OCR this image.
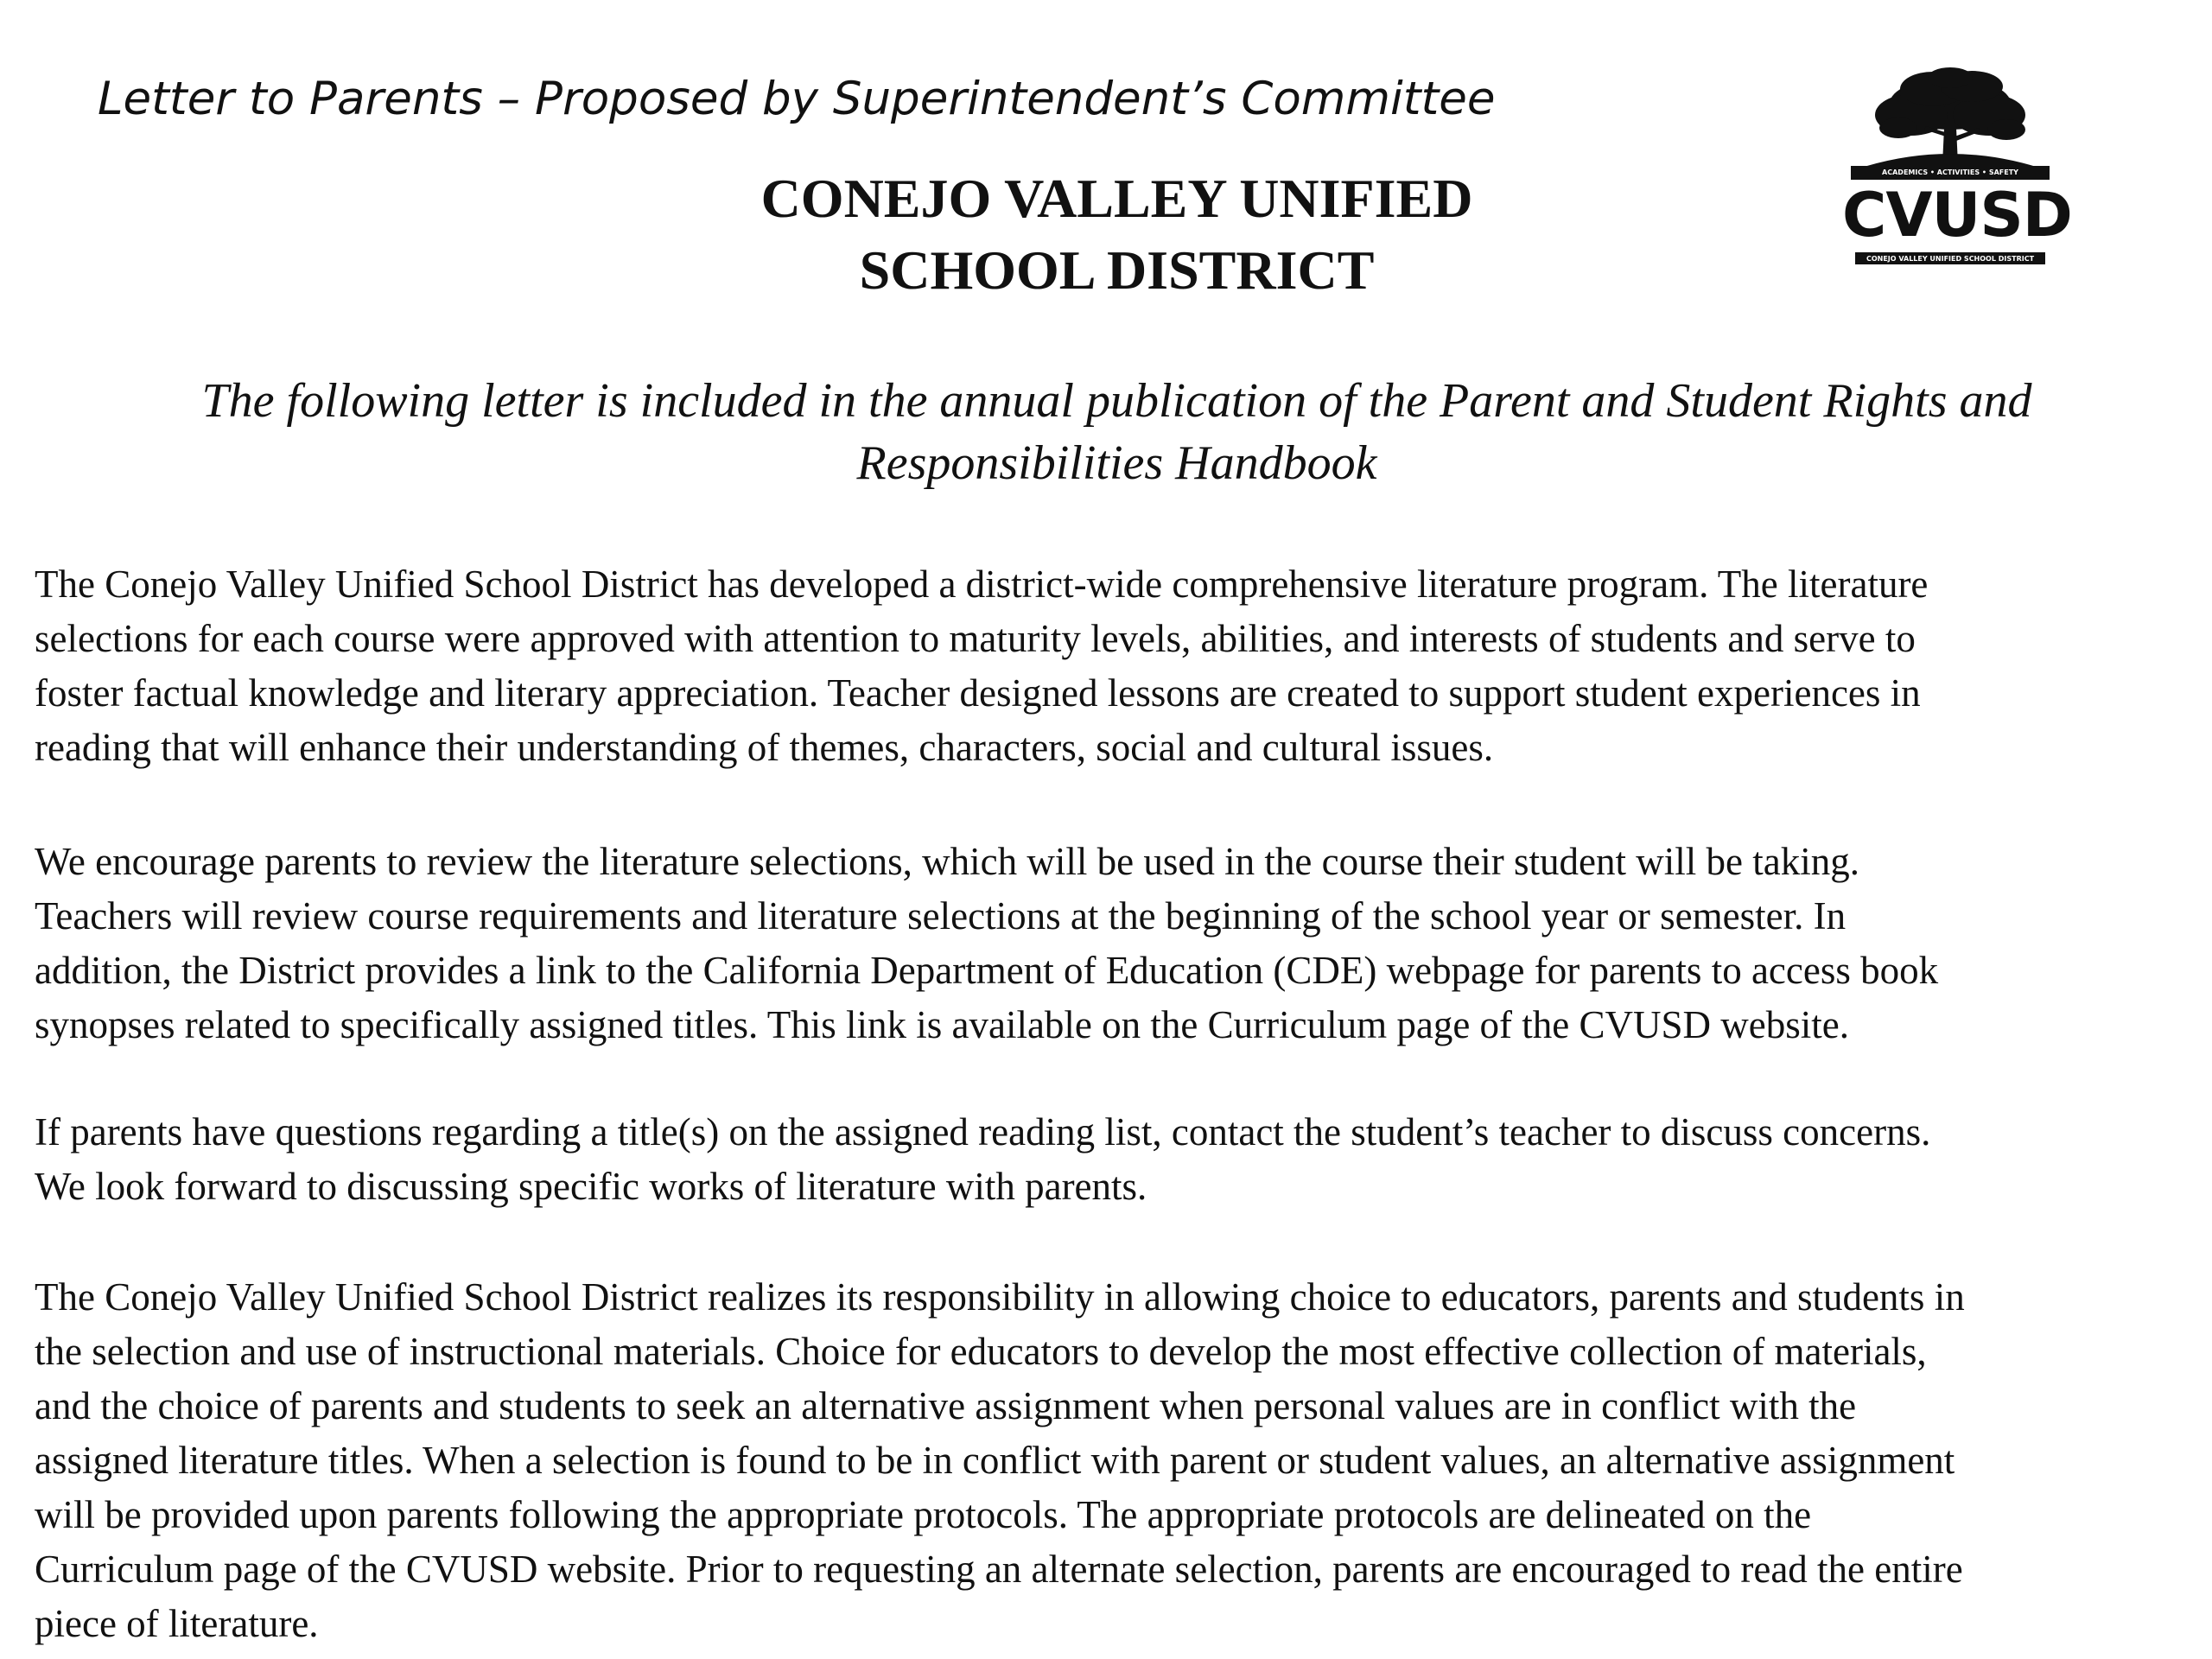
Letter to Parents – Proposed by Superintendent’s Committee
CONEJO VALLEY UNIFIED
SCHOOL DISTRICT
ACADEMICS • ACTIVITIES • SAFETY
CVUSD
CONEJO VALLEY UNIFIED SCHOOL DISTRICT
The following letter is included in the annual publication of the Parent and Student Rights and
Responsibilities Handbook
The Conejo Valley Unified School District has developed a district-wide comprehensive literature program. The literature
selections for each course were approved with attention to maturity levels, abilities, and interests of students and serve to
foster factual knowledge and literary appreciation. Teacher designed lessons are created to support student experiences in
reading that will enhance their understanding of themes, characters, social and cultural issues.
We encourage parents to review the literature selections, which will be used in the course their student will be taking.
Teachers will review course requirements and literature selections at the beginning of the school year or semester. In
addition, the District provides a link to the California Department of Education (CDE) webpage for parents to access book
synopses related to specifically assigned titles. This link is available on the Curriculum page of the CVUSD website.
If parents have questions regarding a title(s) on the assigned reading list, contact the student’s teacher to discuss concerns.
We look forward to discussing specific works of literature with parents.
The Conejo Valley Unified School District realizes its responsibility in allowing choice to educators, parents and students in
the selection and use of instructional materials. Choice for educators to develop the most effective collection of materials,
and the choice of parents and students to seek an alternative assignment when personal values are in conflict with the
assigned literature titles. When a selection is found to be in conflict with parent or student values, an alternative assignment
will be provided upon parents following the appropriate protocols. The appropriate protocols are delineated on the
Curriculum page of the CVUSD website. Prior to requesting an alternate selection, parents are encouraged to read the entire
piece of literature.
